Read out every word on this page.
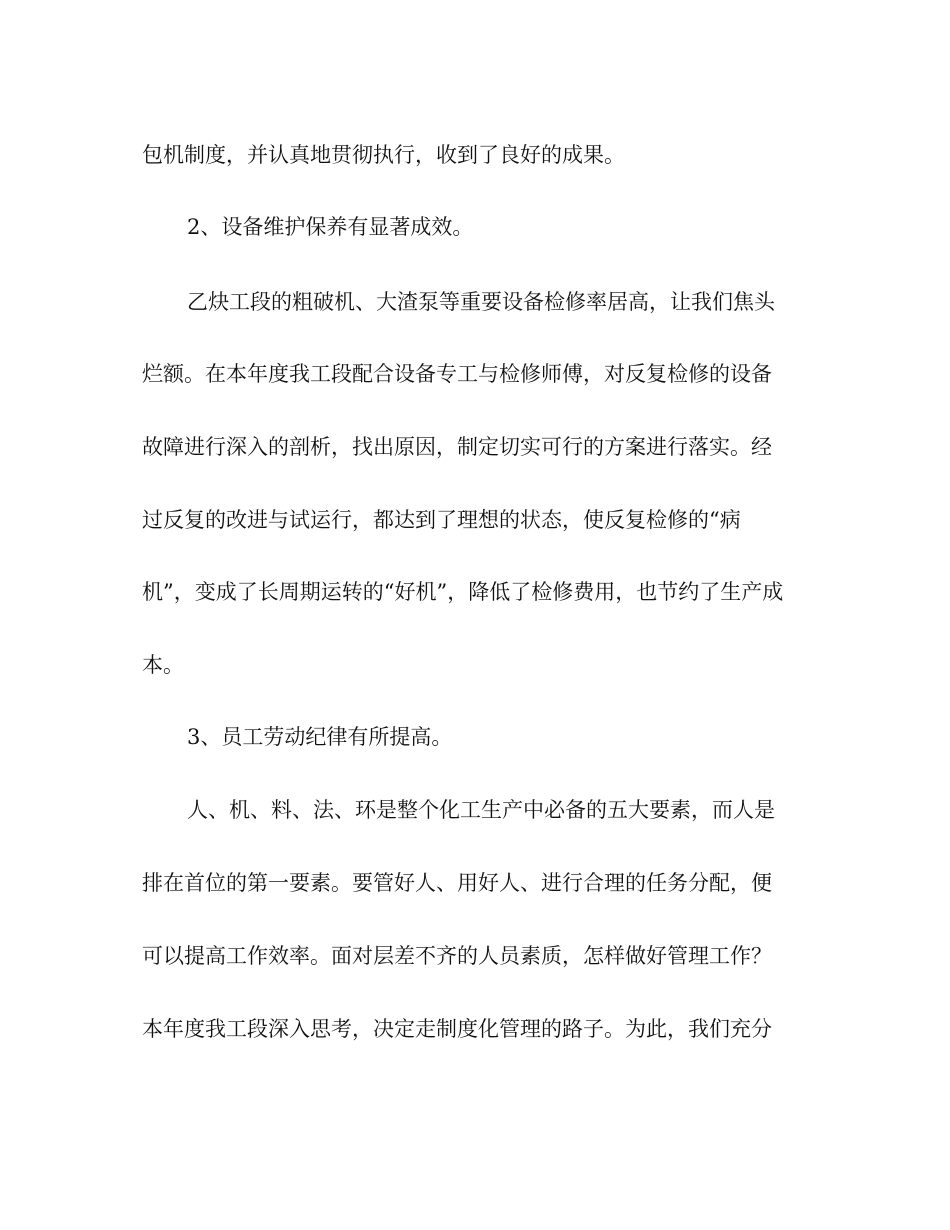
包机制度，并认真地贯彻执行，收到了良好的成果。
2、设备维护保养有显著成效。
乙炔工段的粗破机、大渣泵等重要设备检修率居高，让我们焦头
烂额。在本年度我工段配合设备专工与检修师傅，对反复检修的设备
故障进行深入的剖析，找出原因，制定切实可行的方案进行落实。经
过反复的改进与试运行，都达到了理想的状态，使反复检修的“病
机”，变成了长周期运转的“好机”，降低了检修费用，也节约了生产成
本。
3、员工劳动纪律有所提高。
人、机、料、法、环是整个化工生产中必备的五大要素，而人是
排在首位的第一要素。要管好人、用好人、进行合理的任务分配，便
可以提高工作效率。面对层差不齐的人员素质，怎样做好管理工作？
本年度我工段深入思考，决定走制度化管理的路子。为此，我们充分
